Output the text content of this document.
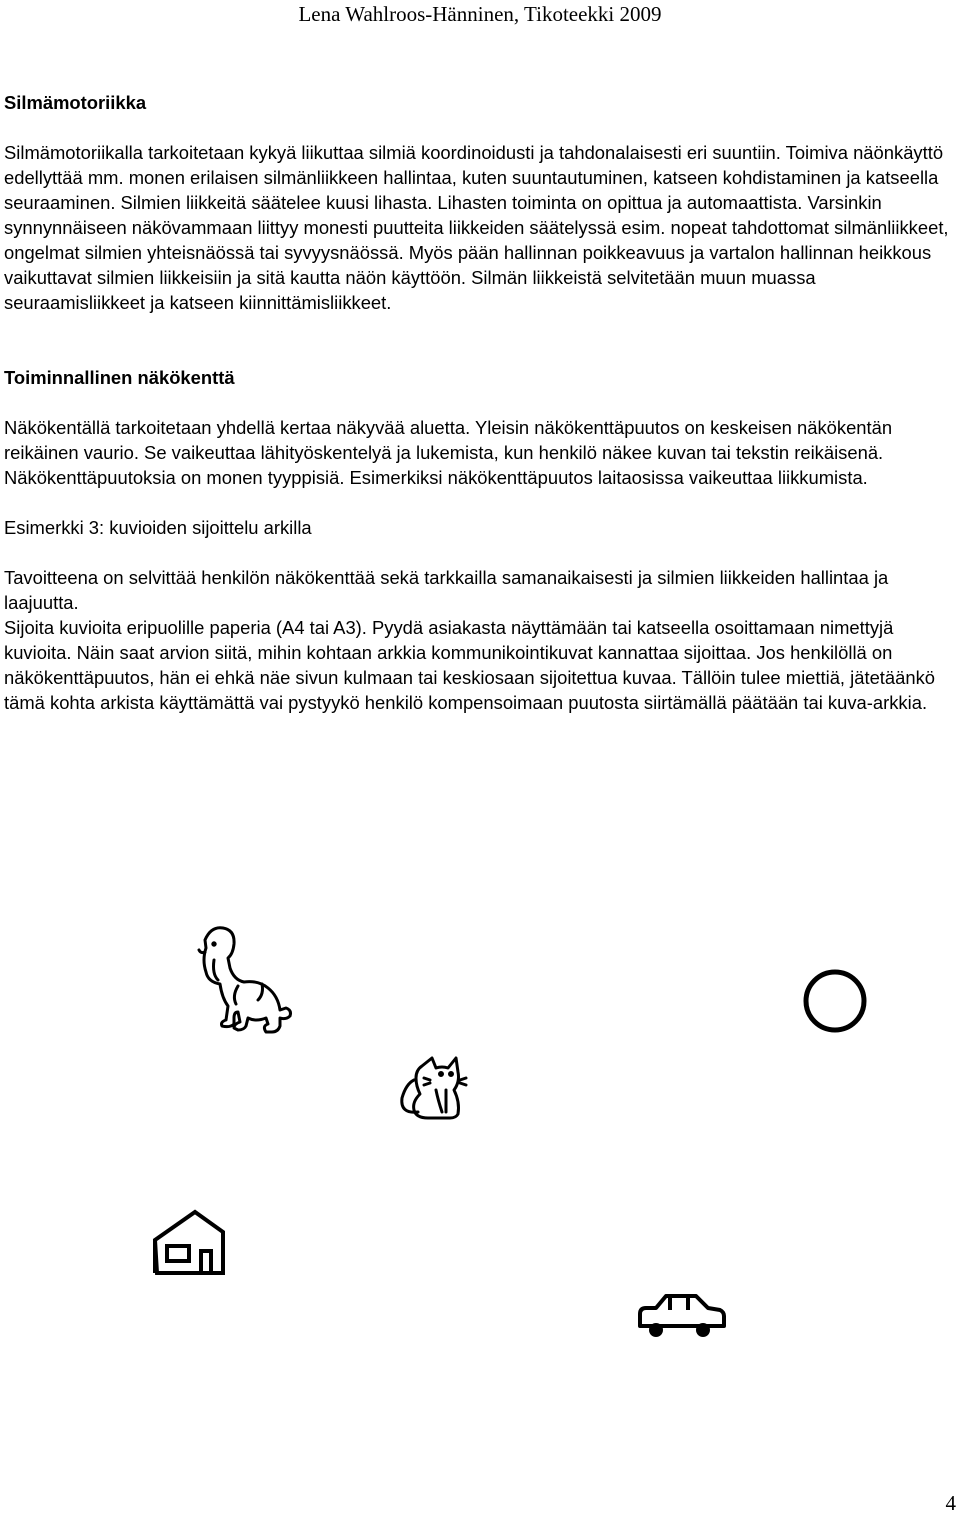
Lena Wahlroos-Hänninen, Tikoteekki 2009

Silmämotoriikka

Silmämotoriikalla tarkoitetaan kykyä liikuttaa silmiä koordinoidusti ja tahdonalaisesti eri suuntiin. Toimiva näönkäyttö edellyttää mm. monen erilaisen silmänliikkeen hallintaa, kuten suuntautuminen, katseen kohdistaminen ja katseella seuraaminen. Silmien liikkeitä säätelee kuusi lihasta. Lihasten toiminta on opittua ja automaattista. Varsinkin synnynnäiseen näkövammaan liittyy monesti puutteita liikkeiden säätelyssä esim. nopeat tahdottomat silmänliikkeet, ongelmat silmien yhteisnäössä tai syvyysnäössä. Myös pään hallinnan poikkeavuus ja vartalon hallinnan heikkous vaikuttavat silmien liikkeisiin ja sitä kautta näön käyttöön. Silmän liikkeistä selvitetään muun muassa seuraamisliikkeet ja katseen kiinnittämisliikkeet.

Toiminnallinen näkökenttä

Näkökentällä tarkoitetaan yhdellä kertaa näkyvää aluetta. Yleisin näkökenttäpuutos on keskeisen näkökentän reikäinen vaurio. Se vaikeuttaa lähityöskentelyä ja lukemista, kun henkilö näkee kuvan tai tekstin reikäisenä. Näkökenttäpuutoksia on monen tyyppisiä. Esimerkiksi näkökenttäpuutos laitaosissa vaikeuttaa liikkumista.

Esimerkki 3: kuvioiden sijoittelu arkilla

Tavoitteena on selvittää henkilön näkökenttää sekä tarkkailla samanaikaisesti ja silmien liikkeiden hallintaa ja laajuutta.

Sijoita kuvioita eripuolille paperia (A4 tai A3). Pyydä asiakasta näyttämään tai katseella osoittamaan nimettyjä kuvioita. Näin saat arvion siitä, mihin kohtaan arkkia kommunikointikuvat kannattaa sijoittaa. Jos henkilöllä on näkökenttäpuutos, hän ei ehkä näe sivun kulmaan tai keskiosaan sijoitettua kuvaa. Tällöin tulee miettiä, jätetäänkö tämä kohta arkista käyttämättä vai pystyykö henkilö kompensoimaan puutosta siirtämällä päätään tai kuva-arkkia.

4
